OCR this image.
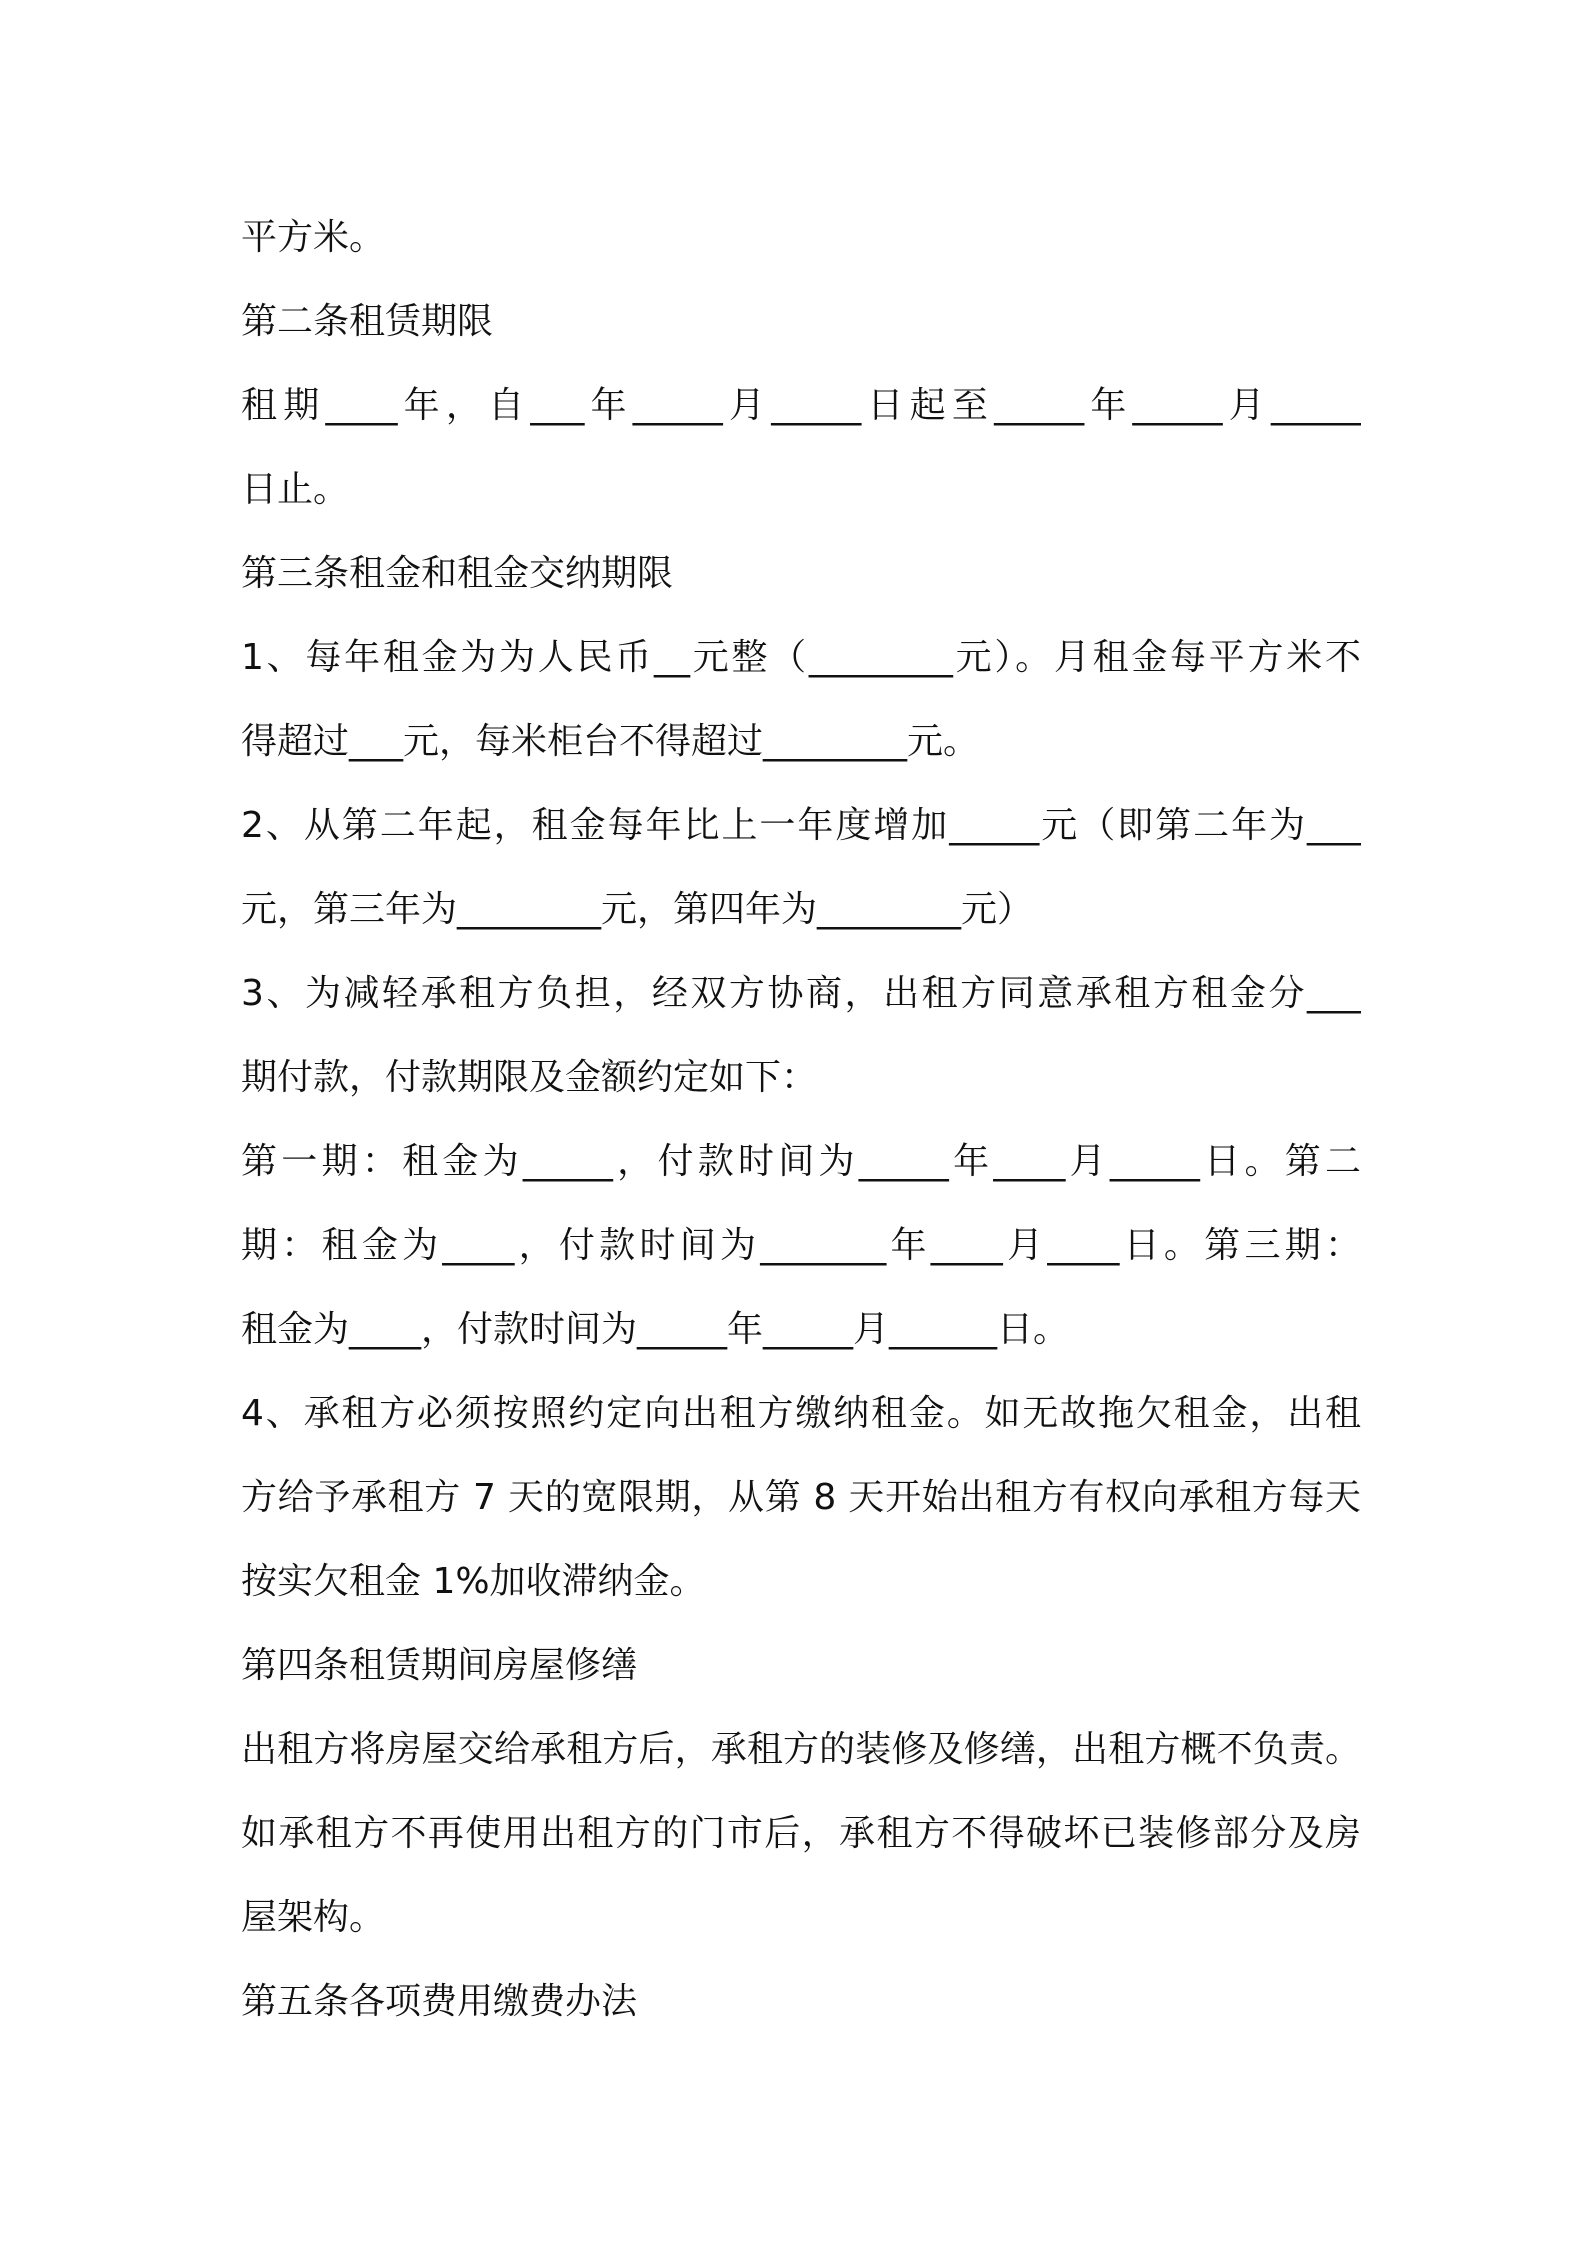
平方米。
第二条租赁期限
租期____年，自___年_____月_____日起至_____年_____月_____
日止。
第三条租金和租金交纳期限
1、每年租金为为人民币__元整（________元）。月租金每平方米不
得超过___元，每米柜台不得超过________元。
2、从第二年起，租金每年比上一年度增加_____元（即第二年为___
元，第三年为________元，第四年为________元）
3、为减轻承租方负担，经双方协商，出租方同意承租方租金分___
期付款，付款期限及金额约定如下：
第一期：租金为_____，付款时间为_____年____月_____日。第二
期：租金为____，付款时间为_______年____月____日。第三期：
租金为____，付款时间为_____年_____月______日。
4、承租方必须按照约定向出租方缴纳租金。如无故拖欠租金，出租
方给予承租方 7 天的宽限期，从第 8 天开始出租方有权向承租方每天
按实欠租金 1%加收滞纳金。
第四条租赁期间房屋修缮
出租方将房屋交给承租方后，承租方的装修及修缮，出租方概不负责。
如承租方不再使用出租方的门市后，承租方不得破坏已装修部分及房
屋架构。
第五条各项费用缴费办法
